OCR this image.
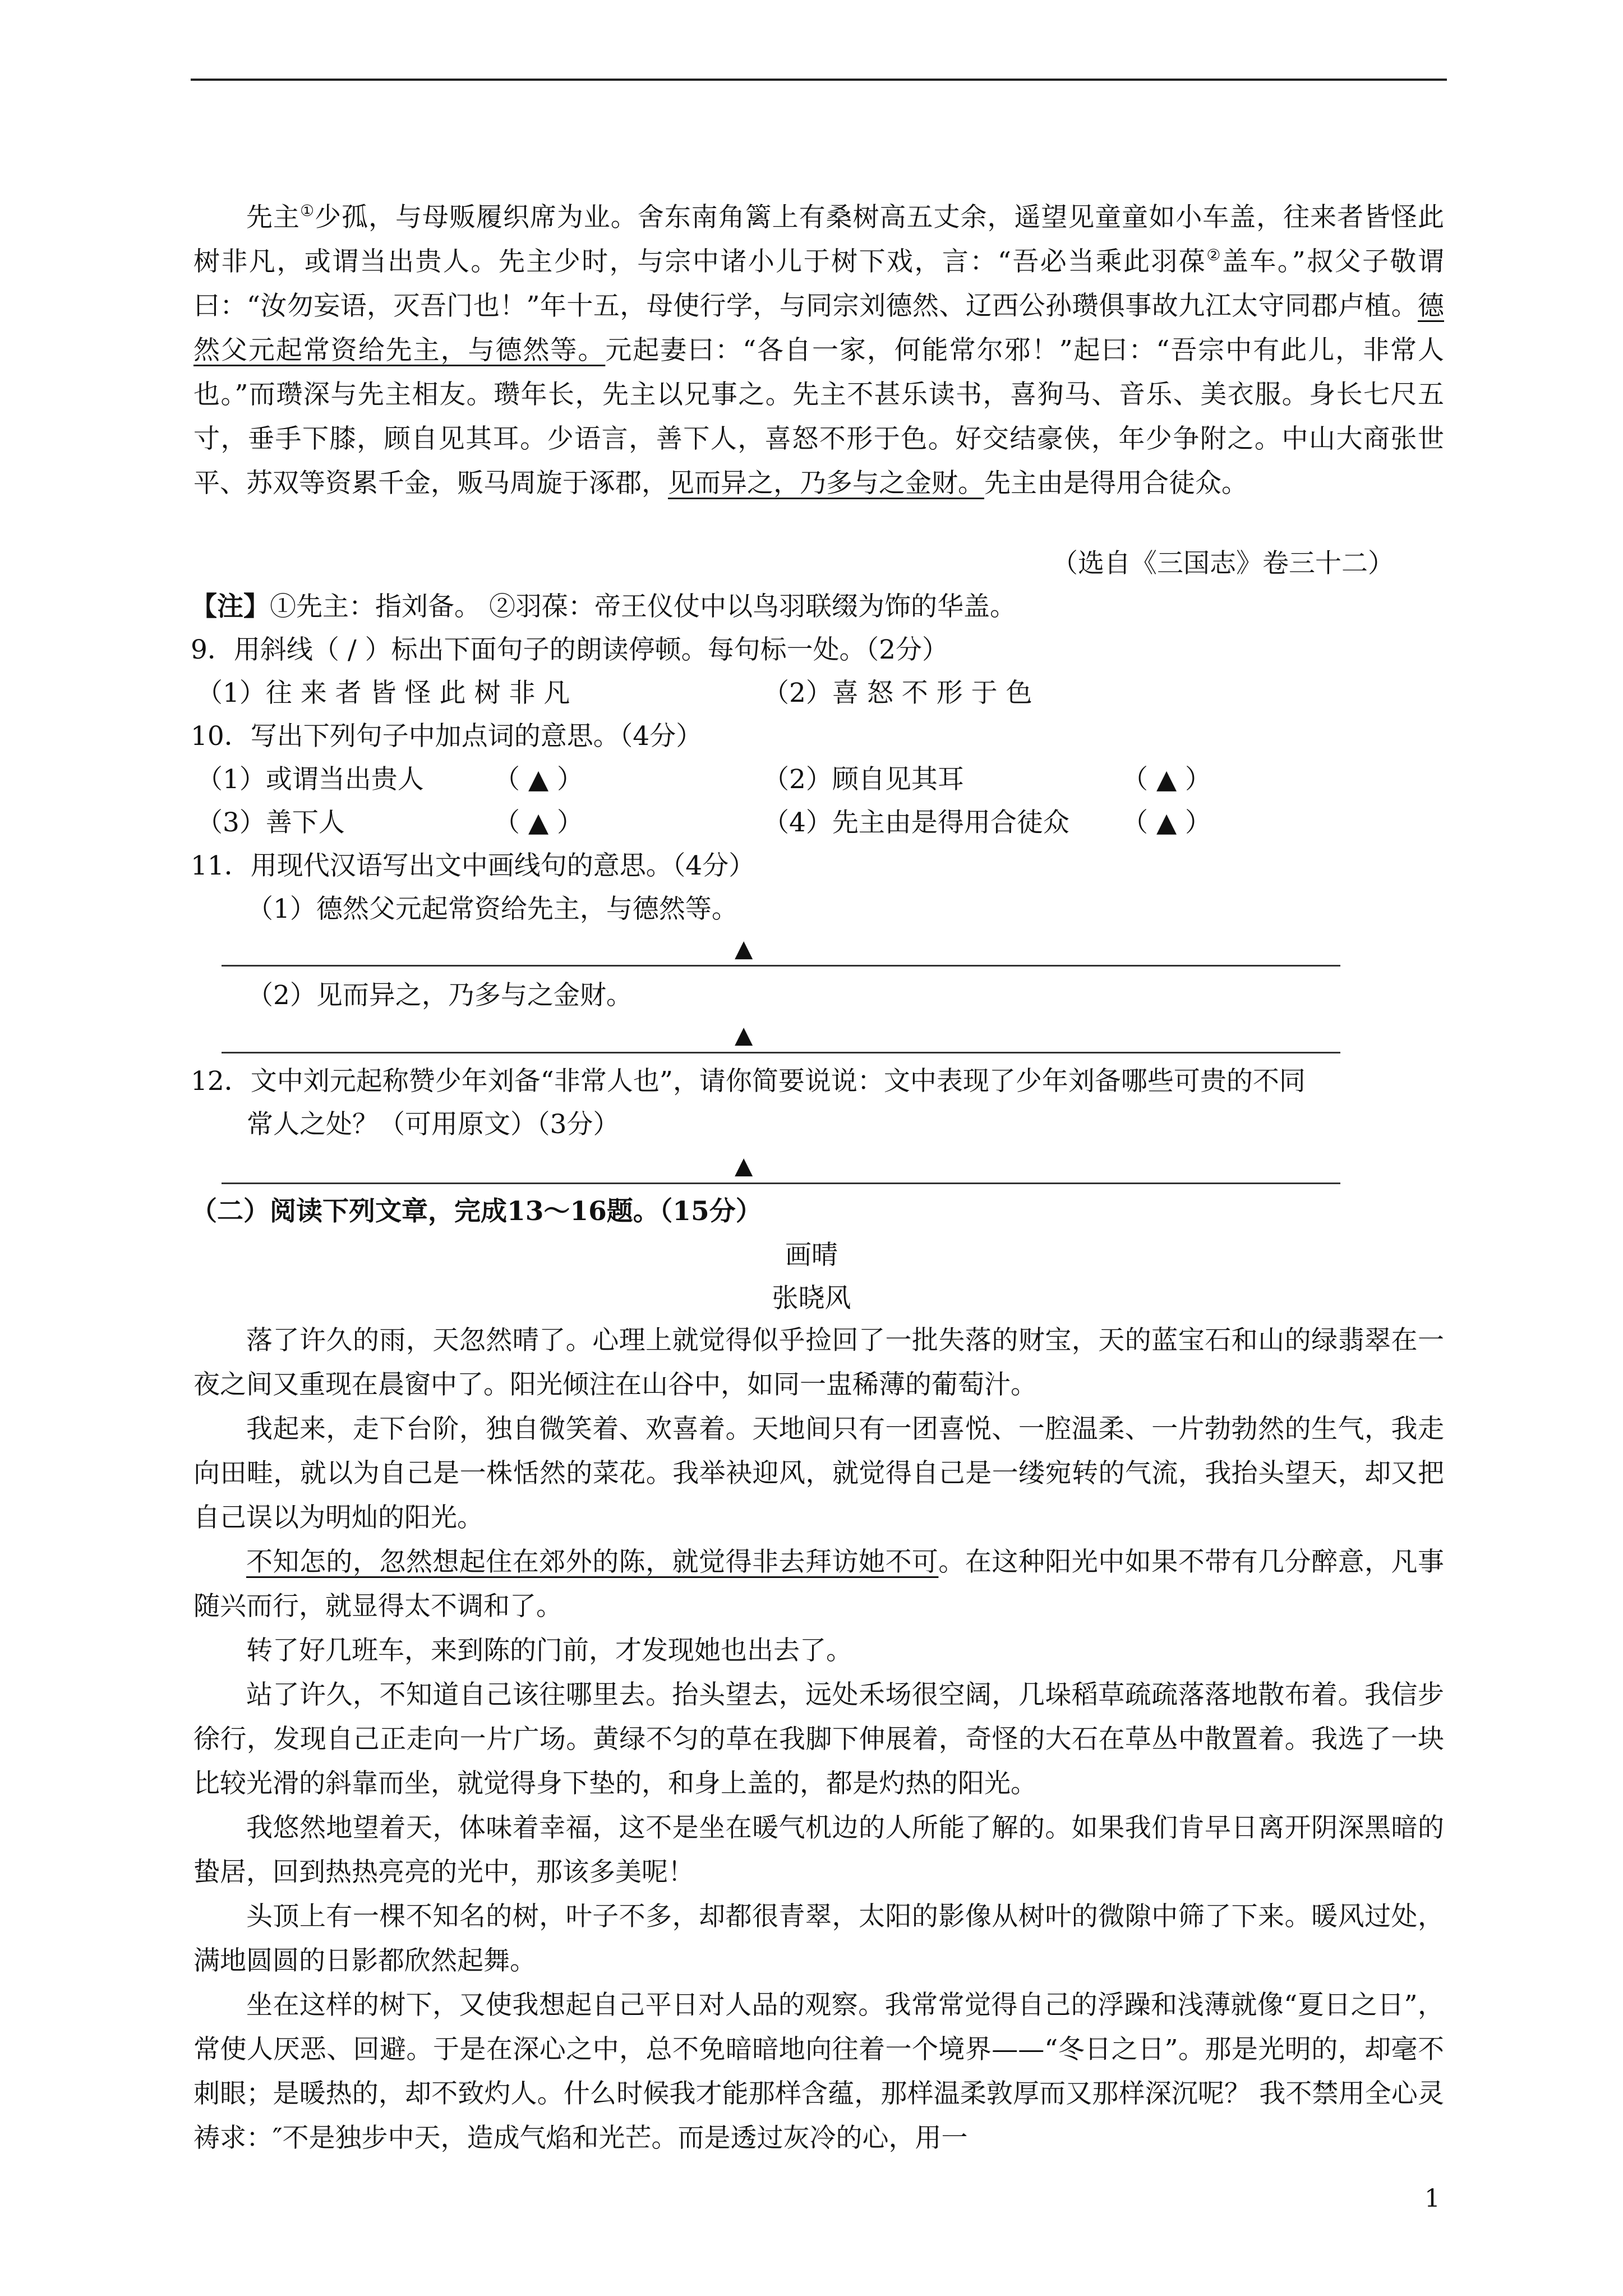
先主①少孤，与母贩履织席为业。舍东南角篱上有桑树高五丈余，遥望见童童如小车盖，往来者皆怪此树非凡，或谓当出贵人。先主少时，与宗中诸小儿于树下戏，言：“吾必当乘此羽葆②盖车。”叔父子敬谓曰：“汝勿妄语，灭吾门也！”年十五，母使行学，与同宗刘德然、辽西公孙瓒俱事故九江太守同郡卢植。德然父元起常资给先主，与德然等。元起妻曰：“各自一家，何能常尔邪！”起曰：“吾宗中有此儿，非常人也。”而瓒深与先主相友。瓒年长，先主以兄事之。先主不甚乐读书，喜狗马、音乐、美衣服。身长七尺五寸，垂手下膝，顾自见其耳。少语言，善下人，喜怒不形于色。好交结豪侠，年少争附之。中山大商张世平、苏双等资累千金，贩马周旋于涿郡，见而异之，乃多与之金财。先主由是得用合徒众。

（选自《三国志》卷三十二）
【注】①先主：指刘备。 ②羽葆：帝王仪仗中以鸟羽联缀为饰的华盖。
9．用斜线（ / ）标出下面句子的朗读停顿。每句标一处。（2分）
（1）往 来 者 皆 怪 此 树 非 凡	（2）喜 怒 不 形 于 色
10．写出下列句子中加点词的意思。（4分）
（1）或谓当出贵人	（ ▲ ）	（2）顾自见其耳	（ ▲ ）
（3）善下人	（ ▲ ）	（4）先主由是得用合徒众 （ ▲ ）
11．用现代汉语写出文中画线句的意思。（4分）
（1）德然父元起常资给先主，与德然等。
▲
（2）见而异之，乃多与之金财。
▲
12．文中刘元起称赞少年刘备“非常人也”，请你简要说说：文中表现了少年刘备哪些可贵的不同
常人之处？（可用原文）（3分）
▲
（二）阅读下列文章，完成13～16题。（15分）
画晴
张晓风

落了许久的雨，天忽然晴了。心理上就觉得似乎捡回了一批失落的财宝，天的蓝宝石和山的绿翡翠在一夜之间又重现在晨窗中了。阳光倾注在山谷中，如同一盅稀薄的葡萄汁。

我起来，走下台阶，独自微笑着、欢喜着。天地间只有一团喜悦、一腔温柔、一片勃勃然的生气，我走向田畦，就以为自己是一株恬然的菜花。我举袂迎风，就觉得自己是一缕宛转的气流，我抬头望天，却又把自己误以为明灿的阳光。

不知怎的，忽然想起住在郊外的陈，就觉得非去拜访她不可。在这种阳光中如果不带有几分醉意，凡事随兴而行，就显得太不调和了。

转了好几班车，来到陈的门前，才发现她也出去了。

站了许久，不知道自己该往哪里去。抬头望去，远处禾场很空阔，几垛稻草疏疏落落地散布着。我信步徐行，发现自己正走向一片广场。黄绿不匀的草在我脚下伸展着，奇怪的大石在草丛中散置着。我选了一块比较光滑的斜靠而坐，就觉得身下垫的，和身上盖的，都是灼热的阳光。

我悠然地望着天，体味着幸福，这不是坐在暖气机边的人所能了解的。如果我们肯早日离开阴深黑暗的蛰居，回到热热亮亮的光中，那该多美呢！

头顶上有一棵不知名的树，叶子不多，却都很青翠，太阳的影像从树叶的微隙中筛了下来。暖风过处，满地圆圆的日影都欣然起舞。

坐在这样的树下，又使我想起自己平日对人品的观察。我常常觉得自己的浮躁和浅薄就像“夏日之日”，常使人厌恶、回避。于是在深心之中，总不免暗暗地向往着一个境界——“冬日之日”。那是光明的，却毫不刺眼；是暖热的，却不致灼人。什么时候我才能那样含蕴，那样温柔敦厚而又那样深沉呢？ 我不禁用全心灵祷求：″不是独步中天，造成气焰和光芒。而是透过灰冷的心，用一

1
